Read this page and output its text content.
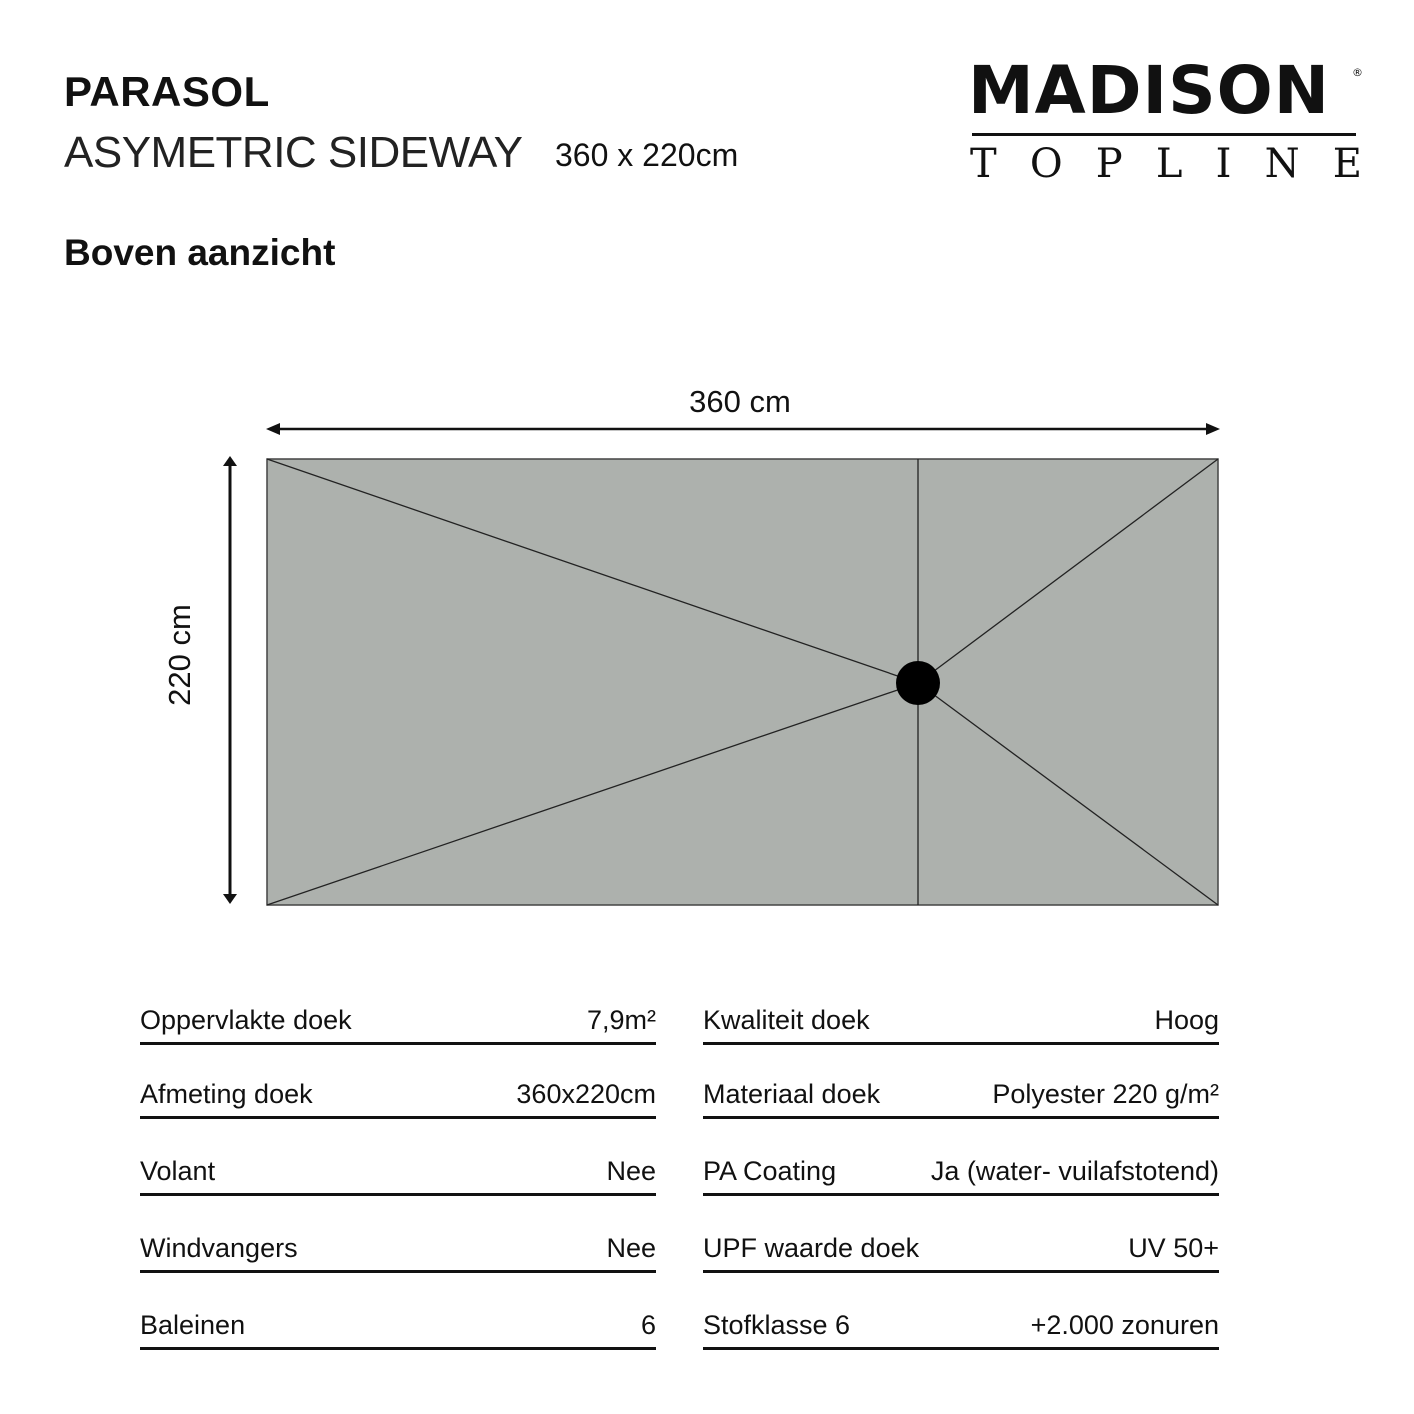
PARASOL
ASYMETRIC SIDEWAY 360 x 220cm
MADISON	®
T O P L I N E
Boven aanzicht
360 cm
220 cm
Oppervlakte doek	7,9m²
Afmeting doek	360x220cm
Volant	Nee
Windvangers	Nee
Baleinen	6
Kwaliteit doek	Hoog
Materiaal doek	Polyester 220 g/m²
PA Coating	Ja (water- vuilafstotend)
UPF waarde doek	UV 50+
Stofklasse 6	+2.000 zonuren
